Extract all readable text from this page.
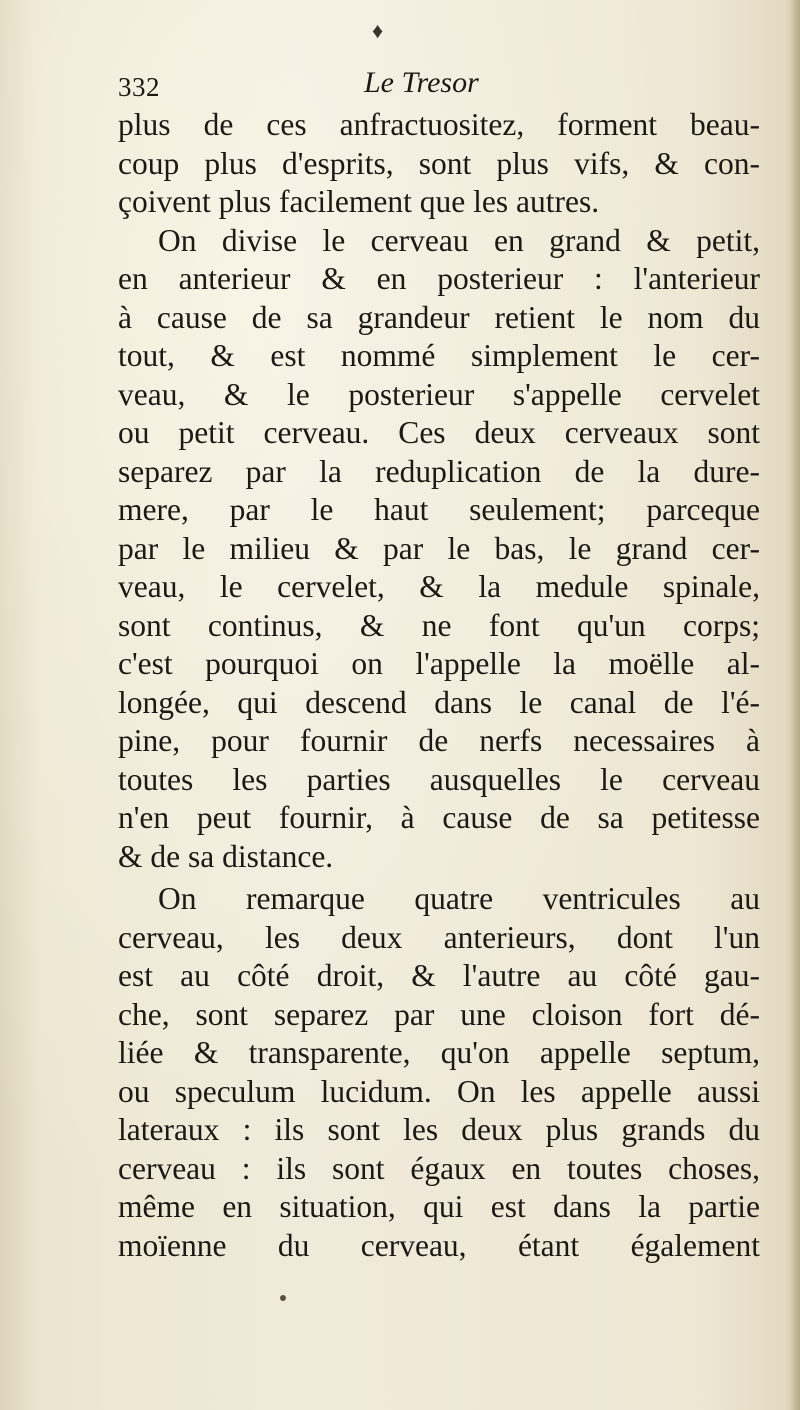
♦
332	Le Tresor
plus de ces anfractuositez, forment beau-
coup plus d'esprits, sont plus vifs, & con-
çoivent plus facilement que les autres.
On divise le cerveau en grand & petit,
en anterieur & en posterieur : l'anterieur
à cause de sa grandeur retient le nom du
tout, & est nommé simplement le cer-
veau, & le posterieur s'appelle cervelet
ou petit cerveau. Ces deux cerveaux sont
separez par la reduplication de la dure-
mere, par le haut seulement; parceque
par le milieu & par le bas, le grand cer-
veau, le cervelet, & la medule spinale,
sont continus, & ne font qu'un corps;
c'est pourquoi on l'appelle la moëlle al-
longée, qui descend dans le canal de l'é-
pine, pour fournir de nerfs necessaires à
toutes les parties ausquelles le cerveau
n'en peut fournir, à cause de sa petitesse
& de sa distance.
On remarque quatre ventricules au
cerveau, les deux anterieurs, dont l'un
est au côté droit, & l'autre au côté gau-
che, sont separez par une cloison fort dé-
liée & transparente, qu'on appelle septum,
ou speculum lucidum. On les appelle aussi
lateraux : ils sont les deux plus grands du
cerveau : ils sont égaux en toutes choses,
même en situation, qui est dans la partie
moïenne du cerveau, étant également
